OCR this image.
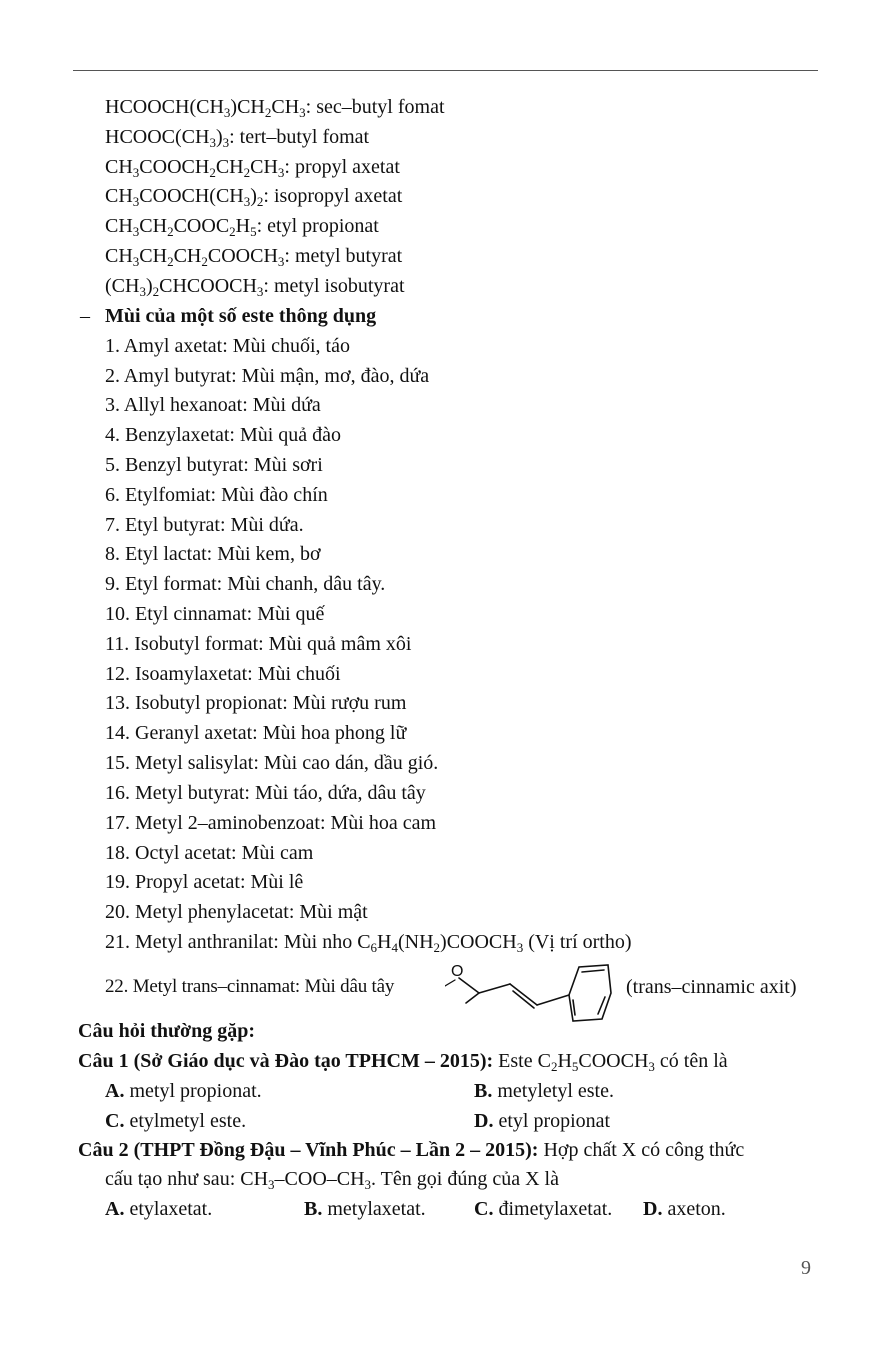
$HCOOCH(CH_3)CH_2CH_3$: sec–butyl fomat
$HCOOC(CH_3)_3$: tert–butyl fomat
$CH_3COOCH_2CH_2CH_3$: propyl axetat
$CH_3COOCH(CH_3)_2$: isopropyl axetat
$CH_3CH_2COOC_2H_5$: etyl propionat
$CH_3CH_2CH_2COOCH_3$: metyl butyrat
$(CH_3)_2CHCOOCH_3$: metyl isobutyrat
– Mùi của một số este thông dụng
1. Amyl axetat: Mùi chuối, táo
2. Amyl butyrat: Mùi mận, mơ, đào, dứa
3. Allyl hexanoat: Mùi dứa
4. Benzylaxetat: Mùi quả đào
5. Benzyl butyrat: Mùi sơri
6. Etylfomiat: Mùi đào chín
7. Etyl butyrat: Mùi dứa.
8. Etyl lactat: Mùi kem, bơ
9. Etyl format: Mùi chanh, dâu tây.
10. Etyl cinnamat: Mùi quế
11. Isobutyl format: Mùi quả mâm xôi
12. Isoamylaxetat: Mùi chuối
13. Isobutyl propionat: Mùi rượu rum
14. Geranyl axetat: Mùi hoa phong lữ
15. Metyl salisylat: Mùi cao dán, dầu gió.
16. Metyl butyrat: Mùi táo, dứa, dâu tây
17. Metyl 2–aminobenzoat: Mùi hoa cam
18. Octyl acetat: Mùi cam
19. Propyl acetat: Mùi lê
20. Metyl phenylacetat: Mùi mật
21. Metyl anthranilat: Mùi nho $C_6H_4(NH_2)COOCH_3$ (Vị trí ortho)
22. Metyl trans–cinnamat: Mùi dâu tây	(trans–cinnamic axit)
O
Câu hỏi thường gặp:
Câu 1 (Sở Giáo dục và Đào tạo TPHCM – 2015): Este $C_2H_5COOCH_3$ có tên là
A. metyl propionat.	B. metyletyl este.
C. etylmetyl este.	D. etyl propionat
Câu 2 (THPT Đồng Đậu – Vĩnh Phúc – Lần 2 – 2015): Hợp chất X có công thức
cấu tạo như sau: $CH_3-COO-CH_3$. Tên gọi đúng của X là
A. etylaxetat.	B. metylaxetat. C. đimetylaxetat. D. axeton.
9
